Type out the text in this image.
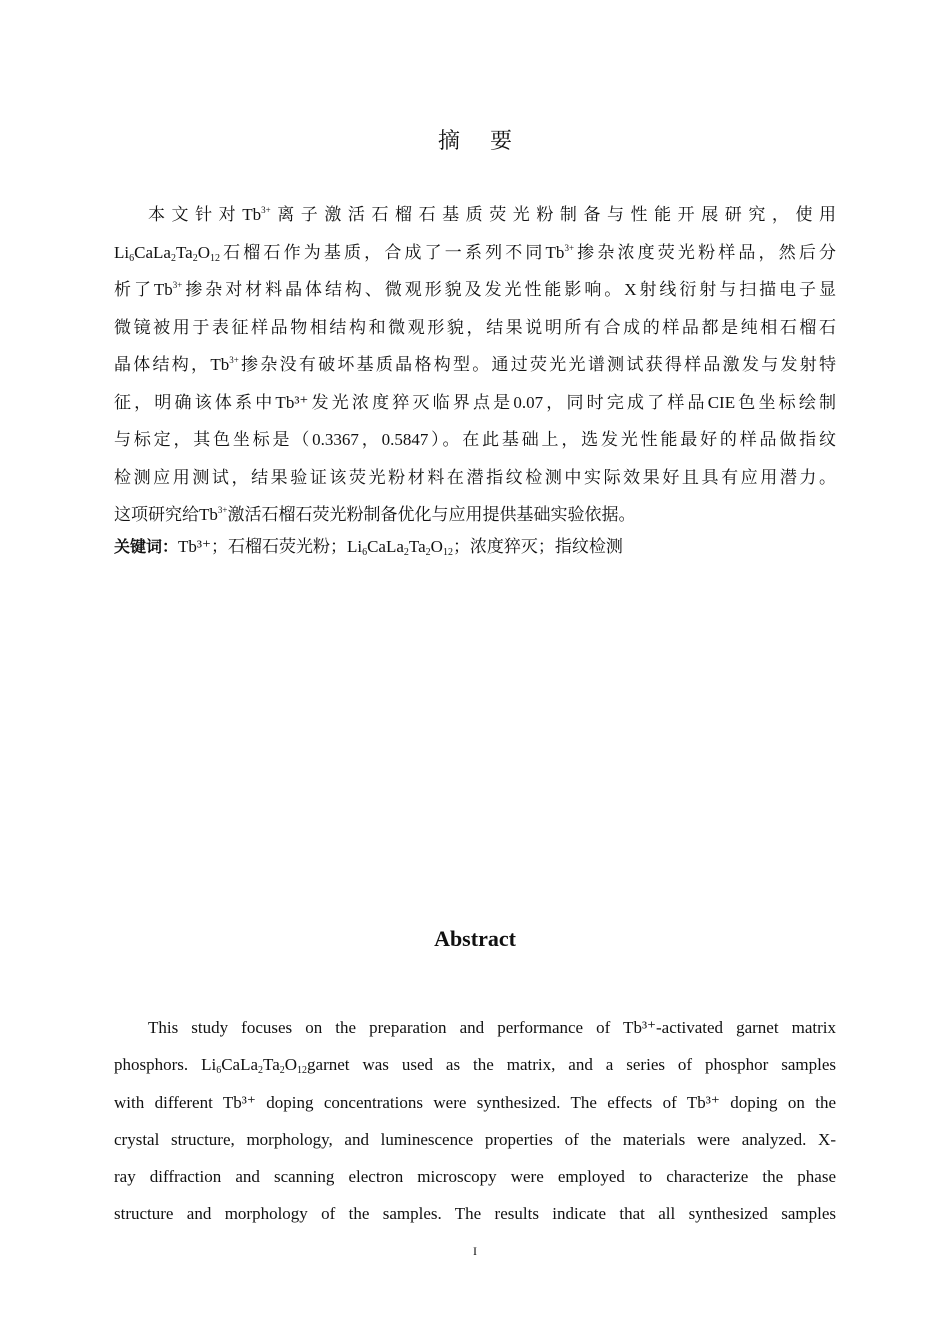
摘 要
本文针对$Tb^{3+}$离子激活石榴石基质荧光粉制备与性能开展研究，使用
$Li_6CaLa_2Ta_2O_{12}$石榴石作为基质，合成了一系列不同$Tb^{3+}$掺杂浓度荧光粉样品，然后分
析了$Tb^{3+}$掺杂对材料晶体结构、微观形貌及发光性能影响。X射线衍射与扫描电子显
微镜被用于表征样品物相结构和微观形貌，结果说明所有合成的样品都是纯相石榴石
晶体结构，$Tb^{3+}$掺杂没有破坏基质晶格构型。通过荧光光谱测试获得样品激发与发射特
征，明确该体系中Tb³⁺发光浓度猝灭临界点是0.07，同时完成了样品CIE色坐标绘制
与标定，其色坐标是（0.3367，0.5847）。在此基础上，选发光性能最好的样品做指纹
检测应用测试，结果验证该荧光粉材料在潜指纹检测中实际效果好且具有应用潜力。
这项研究给$Tb^{3+}$激活石榴石荧光粉制备优化与应用提供基础实验依据。
关键词：Tb³⁺；石榴石荧光粉；$Li_6CaLa_2Ta_2O_{12}$；浓度猝灭；指纹检测
Abstract
This study focuses on the preparation and performance of Tb³⁺-activated garnet matrix
phosphors. $Li_6CaLa_2Ta_2O_{12}garnet$ was used as the matrix, and a series of phosphor samples
with different Tb³⁺ doping concentrations were synthesized. The effects of Tb³⁺ doping on the
crystal structure, morphology, and luminescence properties of the materials were analyzed. X-
ray diffraction and scanning electron microscopy were employed to characterize the phase
structure and morphology of the samples. The results indicate that all synthesized samples
I
